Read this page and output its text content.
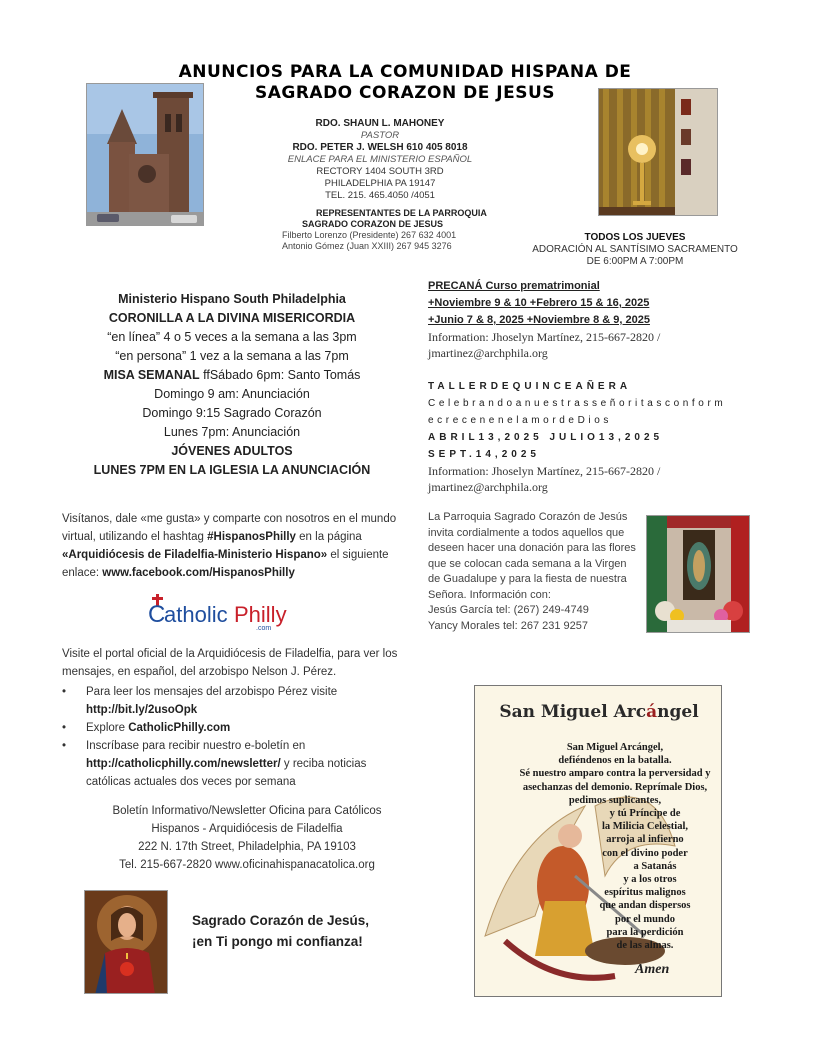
ANUNCIOS PARA LA COMUNIDAD HISPANA DE
SAGRADO CORAZON DE JESUS
RDO. SHAUN L. MAHONEY
PASTOR
RDO. PETER J. WELSH 610 405 8018
ENLACE PARA EL MINISTERIO ESPAÑOL
RECTORY 1404 SOUTH 3RD
PHILADELPHIA PA 19147
TEL. 215. 465.4050 /4051
REPRESENTANTES DE LA PARROQUIA
SAGRADO CORAZON DE JESUS
Filberto Lorenzo (Presidente) 267 632 4001
Antonio Gómez (Juan XXIII) 267 945 3276
TODOS LOS JUEVES
ADORACIÓN AL SANTÍSIMO SACRAMENTO
DE 6:00PM A 7:00PM
Ministerio Hispano South Philadelphia
CORONILLA A LA DIVINA MISERICORDIA
“en línea” 4 o 5 veces a la semana a las 3pm
“en persona” 1 vez a la semana a las 7pm
MISA SEMANAL ffSábado 6pm: Santo Tomás
Domingo 9 am: Anunciación
Domingo 9:15 Sagrado Corazón
Lunes 7pm: Anunciación
JÓVENES ADULTOS
LUNES 7PM EN LA IGLESIA LA ANUNCIACIÓN
PRECANÁ Curso prematrimonial
+Noviembre 9 & 10 +Febrero 15 & 16, 2025
+Junio 7 & 8, 2025 +Noviembre 8 & 9, 2025
Information: Jhoselyn Martínez, 215-667-2820 / jmartinez@archphila.org
TALLERDEQUINCEAÑERA
Celebrandoanuestrasseñoritasconform
ecrecenenelamordeDios
ABRIL13,2025 JULIO13,2025
SEPT.14,2025
Information: Jhoselyn Martínez, 215-667-2820 / jmartinez@archphila.org
Visítanos, dale «me gusta» y comparte con nosotros en el mundo virtual, utilizando el hashtag #HispanosPhilly en la página «Arquidiócesis de Filadelfia-Ministerio Hispano» el siguiente enlace: www.facebook.com/HispanosPhilly
C
atholic Philly
.com
Visite el portal oficial de la Arquidiócesis de Filadelfia, para ver los mensajes, en español, del arzobispo Nelson J. Pérez.
• Para leer los mensajes del arzobispo Pérez visite
http://bit.ly/2usoOpk
• Explore CatholicPhilly.com
• Inscríbase para recibir nuestro e-boletín en http://catholicphilly.com/newsletter/ y reciba noticias católicas actuales dos veces por semana
Boletín Informativo/Newsletter Oficina para Católicos
Hispanos - Arquidiócesis de Filadelfia
222 N. 17th Street, Philadelphia, PA 19103
Tel. 215-667-2820 www.oficinahispanacatolica.org
La Parroquia Sagrado Corazón de Jesús invita cordialmente a todos aquellos que deseen hacer una donación para las flores que se colocan cada semana a la Virgen de Guadalupe y para la fiesta de nuestra Señora. Información con:
Jesús García tel: (267) 249-4749
Yancy Morales tel: 267 231 9257
Sagrado Corazón de Jesús,
¡en Ti pongo mi confianza!
San Miguel Arcángel
San Miguel Arcángel,
defiéndenos en la batalla.
Sé nuestro amparo contra la perversidad y
asechanzas del demonio. Reprímale Dios,
pedimos suplicantes,
y tú Príncipe de
la Milicia Celestial,
arroja al infierno
con el divino poder
a Satanás
y a los otros
espíritus malignos
que andan dispersos
por el mundo
para la perdición
de las almas.
Amen
